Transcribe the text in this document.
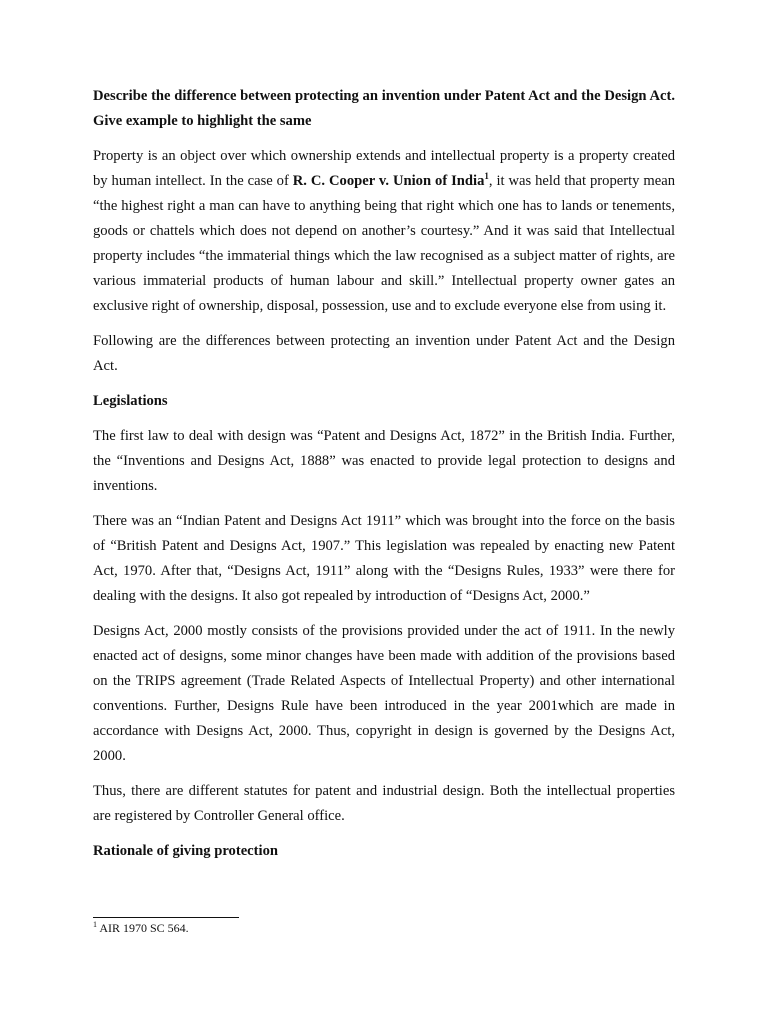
Describe the difference between protecting an invention under Patent Act and the Design Act. Give example to highlight the same

Property is an object over which ownership extends and intellectual property is a property created by human intellect. In the case of R. C. Cooper v. Union of India$^1$, it was held that property mean “the highest right a man can have to anything being that right which one has to lands or tenements, goods or chattels which does not depend on another’s courtesy.” And it was said that Intellectual property includes “the immaterial things which the law recognised as a subject matter of rights, are various immaterial products of human labour and skill.” Intellectual property owner gates an exclusive right of ownership, disposal, possession, use and to exclude everyone else from using it.

Following are the differences between protecting an invention under Patent Act and the Design Act.

Legislations

The first law to deal with design was “Patent and Designs Act, 1872” in the British India. Further, the “Inventions and Designs Act, 1888” was enacted to provide legal protection to designs and inventions.

There was an “Indian Patent and Designs Act 1911” which was brought into the force on the basis of “British Patent and Designs Act, 1907.” This legislation was repealed by enacting new Patent Act, 1970. After that, “Designs Act, 1911” along with the “Designs Rules, 1933” were there for dealing with the designs. It also got repealed by introduction of “Designs Act, 2000.”

Designs Act, 2000 mostly consists of the provisions provided under the act of 1911. In the newly enacted act of designs, some minor changes have been made with addition of the provisions based on the TRIPS agreement (Trade Related Aspects of Intellectual Property) and other international conventions. Further, Designs Rule have been introduced in the year 2001which are made in accordance with Designs Act, 2000. Thus, copyright in design is governed by the Designs Act, 2000.

Thus, there are different statutes for patent and industrial design. Both the intellectual properties are registered by Controller General office.

Rationale of giving protection

$^1$ AIR 1970 SC 564.
